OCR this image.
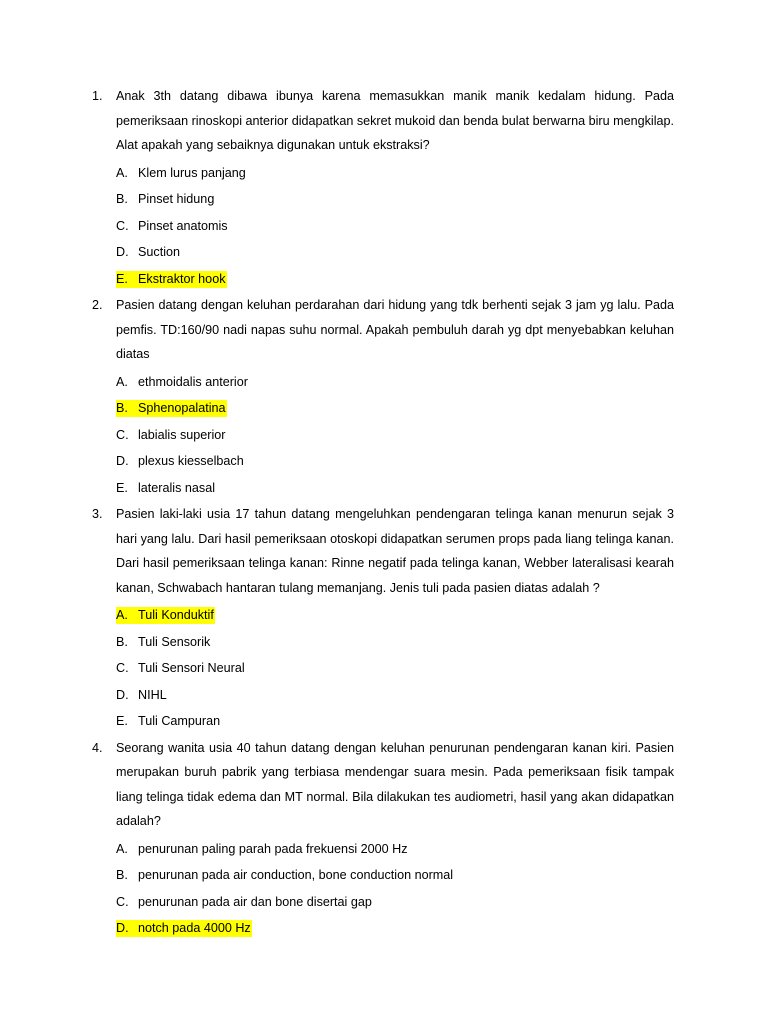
1. Anak 3th datang dibawa ibunya karena memasukkan manik manik kedalam hidung. Pada pemeriksaan rinoskopi anterior didapatkan sekret mukoid dan benda bulat berwarna biru mengkilap. Alat apakah yang sebaiknya digunakan untuk ekstraksi?

A. Klem lurus panjang
B. Pinset hidung
C. Pinset anatomis
D. Suction
E. Ekstraktor hook
2. Pasien datang dengan keluhan perdarahan dari hidung yang tdk berhenti sejak 3 jam yg lalu. Pada pemfis. TD:160/90 nadi napas suhu normal. Apakah pembuluh darah yg dpt menyebabkan keluhan diatas

A. ethmoidalis anterior
B. Sphenopalatina
C. labialis superior
D. plexus kiesselbach
E. lateralis nasal
3. Pasien laki-laki usia 17 tahun datang mengeluhkan pendengaran telinga kanan menurun sejak 3 hari yang lalu. Dari hasil pemeriksaan otoskopi didapatkan serumen props pada liang telinga kanan. Dari hasil pemeriksaan telinga kanan: Rinne negatif pada telinga kanan, Webber lateralisasi kearah kanan, Schwabach hantaran tulang memanjang. Jenis tuli pada pasien diatas adalah ?

A. Tuli Konduktif
B. Tuli Sensorik
C. Tuli Sensori Neural
D. NIHL
E. Tuli Campuran
4. Seorang wanita usia 40 tahun datang dengan keluhan penurunan pendengaran kanan kiri. Pasien merupakan buruh pabrik yang terbiasa mendengar suara mesin. Pada pemeriksaan fisik tampak liang telinga tidak edema dan MT normal. Bila dilakukan tes audiometri, hasil yang akan didapatkan adalah?

A. penurunan paling parah pada frekuensi 2000 Hz
B. penurunan pada air conduction, bone conduction normal
C. penurunan pada air dan bone disertai gap
D. notch pada 4000 Hz
